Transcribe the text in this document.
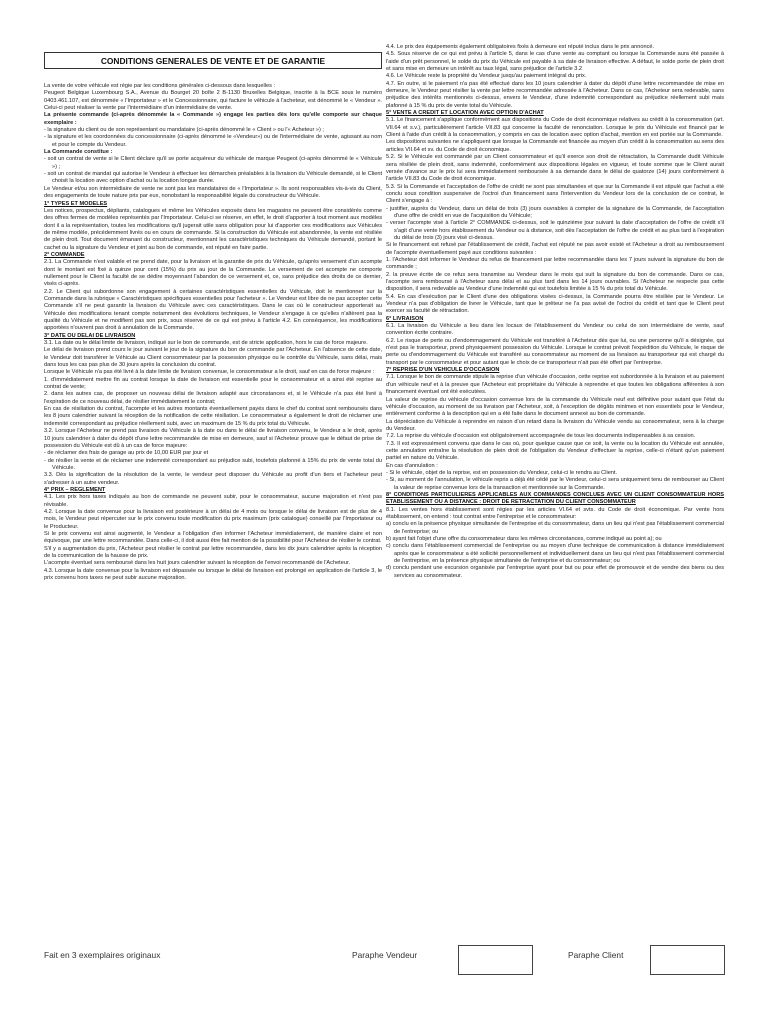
CONDITIONS GENERALES DE VENTE ET DE GARANTIE

La vente de votre véhicule est régie par les conditions générales ci-dessous dans lesquelles :

Peugeot Belgique Luxembourg S.A., Avenue du Bourget 20 boîte 2 B-1130 Bruxelles Belgique, inscrite à la BCE sous le numéro 0403.461.107, est dénommée « l'Importateur » et le Concessionnaire, qui facture le véhicule à l'acheteur, est dénommé le « Vendeur ». Celui-ci peut réaliser la vente par l'intermédiaire d'un intermédiaire de vente.

La présente commande (ci-après dénommée la « Commande ») engage les parties dès lors qu'elle comporte sur chaque exemplaire :

- la signature du client ou de son représentant ou mandataire (ci-après dénommé le « Client » ou l'« Acheteur ») ;

- la signature et les coordonnées du concessionnaire (ci-après dénommé le «Vendeur») ou de l'intermédiaire de vente, agissant au nom et pour le compte du Vendeur.

La Commande constitue :

- soit un contrat de vente si le Client déclare qu'il se porte acquéreur du véhicule de marque Peugeot (ci-après dénommé le « Véhicule ») ;

- soit un contrat de mandat qui autorise le Vendeur à effectuer les démarches préalables à la livraison du Véhicule demandé, si le Client choisit la location avec option d'achat ou la location longue durée.

Le Vendeur et/ou son intermédiaire de vente ne sont pas les mandataires de « l'Importateur ». Ils sont responsables vis-à-vis du Client, des engagements de toute nature pris par eux, nonobstant la responsabilité légale du constructeur du Véhicule.

1° TYPES ET MODELES

Les notices, prospectus, dépliants, catalogues et même les Véhicules exposés dans les magasins ne peuvent être considérés comme des offres fermes de modèles représentés par l'Importateur. Celui-ci se réserve, en effet, le droit d'apporter à tout moment aux modèles dont il a la représentation, toutes les modifications qu'il jugerait utile sans obligation pour lui d'apporter ces modifications aux Véhicules de même modèle, précédemment livrés ou en cours de commande. Si la construction du Véhicule est abandonnée, la vente est résiliée de plein droit. Tout document émanant du constructeur, mentionnant les caractéristiques techniques du Véhicule demandé, portant le cachet ou la signature du Vendeur et joint au bon de commande, est réputé en faire partie.

2° COMMANDE

2.1. La Commande n'est valable et ne prend date, pour la livraison et la garantie de prix du Véhicule, qu'après versement d'un acompte dont le montant est fixé à quinze pour cent (15%) du prix au jour de la Commande. Le versement de cet acompte ne comporte nullement pour le Client la faculté de se dédire moyennant l'abandon de ce versement et, ce, sans préjudice des droits de ce dernier, visés ci-après.

2.2. Le Client qui subordonne son engagement à certaines caractéristiques essentielles du Véhicule, doit le mentionner sur la Commande dans la rubrique « Caractéristiques spécifiques essentielles pour l'acheteur ». Le Vendeur est libre de ne pas accepter cette Commande s'il ne peut garantir la livraison du Véhicule avec ces caractéristiques. Dans le cas où le constructeur apporterait au Véhicule des modifications tenant compte notamment des évolutions techniques, le Vendeur s'engage à ce qu'elles n'altèrent pas la qualité du Véhicule et ne modifient pas son prix, sous réserve de ce qui est prévu à l'article 4.2. En conséquence, les modifications apportées n'ouvrent pas droit à annulation de la Commande.

3° DATE OU DELAI DE LIVRAISON

3.1. La date ou le délai limite de livraison, indiqué sur le bon de commande, est de stricte application, hors le cas de force majeure.

Le délai de livraison prend cours le jour suivant le jour de la signature du bon de commande par l'Acheteur. En l'absence de cette date, le Vendeur doit transférer le Véhicule au Client consommateur par la possession physique ou le contrôle du Véhicule, sans délai, mais dans tous les cas pas plus de 30 jours après la conclusion du contrat.

Lorsque le Véhicule n'a pas été livré à la date limite de livraison convenue, le consommateur a le droit, sauf en cas de force majeure :

1. d'immédiatement mettre fin au contrat lorsque la date de livraison est essentielle pour le consommateur et a ainsi été reprise au contrat de vente;

2. dans les autres cas, de proposer un nouveau délai de livraison adapté aux circonstances et, si le Véhicule n'a pas été livré à l'expiration de ce nouveau délai, de résilier immédiatement le contrat;

En cas de résiliation du contrat, l'acompte et les autres montants éventuellement payés dans le chef du contrat sont remboursés dans les 8 jours calendrier suivant la réception de la notification de cette résiliation. Le consommateur a également le droit de réclamer une indemnité correspondant au préjudice réellement subi, avec un maximum de 15 % du prix total du Véhicule.

3.2. Lorsque l'Acheteur ne prend pas livraison du Véhicule à la date ou dans le délai de livraison convenu, le Vendeur a le droit, après 10 jours calendrier à dater du dépôt d'une lettre recommandée de mise en demeure, sauf si l'Acheteur prouve que le défaut de prise de possession du Véhicule est dû à un cas de force majeure:

- de réclamer des frais de garage au prix de 10,00 EUR par jour et

- de résilier la vente et de réclamer une indemnité correspondant au préjudice subi, toutefois plafonné à 15% du prix de vente total du Véhicule.

3.3. Dès la signification de la résolution de la vente, le vendeur peut disposer du Véhicule au profit d'un tiers et l'acheteur peut s'adresser à un autre vendeur.

4° PRIX – REGLEMENT

4.1. Les prix hors taxes indiqués au bon de commande ne peuvent subir, pour le consommateur, aucune majoration et n'est pas révisable.

4.2. Lorsque la date convenue pour la livraison est postérieure à un délai de 4 mois ou lorsque le délai de livraison est de plus de 4 mois, le Vendeur peut répercuter sur le prix convenu toute modification du prix maximum (prix catalogue) conseillé par l'Importateur ou le Producteur.

Si le prix convenu est ainsi augmenté, le Vendeur a l'obligation d'en informer l'Acheteur immédiatement, de manière claire et non équivoque, par une lettre recommandée. Dans celle-ci, il doit aussi être fait mention de la possibilité pour l'Acheteur de résilier le contrat.

S'il y a augmentation du prix, l'Acheteur peut résilier le contrat par lettre recommandée, dans les dix jours calendrier après la réception de la communication de la hausse de prix.

L'acompte éventuel sera remboursé dans les huit jours calendrier suivant la réception de l'envoi recommandé de l'Acheteur.

4.3. Lorsque la date convenue pour la livraison est dépassée ou lorsque le délai de livraison est prolongé en application de l'article 3, le prix convenu hors taxes ne peut subir aucune majoration.

4.4. Le prix des équipements également obligatoires fixés à demeure est réputé inclus dans le prix annoncé.

4.5. Sous réserve de ce qui est prévu à l'article 5, dans le cas d'une vente au comptant ou lorsque la Commande aura été passée à l'aide d'un prêt personnel, le solde du prix du Véhicule est payable à sa date de livraison effective. A défaut, le solde porte de plein droit et sans mise en demeure un intérêt au taux légal, sans préjudice de l'article 3.2

4.6. Le Véhicule reste la propriété du Vendeur jusqu'au paiement intégral du prix.

4.7. En outre, si le paiement n'a pas été effectué dans les 10 jours calendrier à dater du dépôt d'une lettre recommandée de mise en demeure, le Vendeur peut résilier la vente par lettre recommandée adressée à l'Acheteur. Dans ce cas, l'Acheteur sera redevable, sans préjudice des intérêts mentionnés ci-dessus, envers le Vendeur, d'une indemnité correspondant au préjudice réellement subi mais plafonné à 15 % du prix de vente total du Véhicule.

5° VENTE A CREDIT ET LOCATION AVEC OPTION D'ACHAT

5.1. Le financement s'applique conformément aux dispositions du Code de droit économique relatives au crédit à la consommation (art. VII.64 et s.v.), particulièrement l'article VII.83 qui concerne la faculté de renonciation. Lorsque le prix du Véhicule est financé par le Client à l'aide d'un crédit à la consommation, y compris en cas de location avec option d'achat, mention en est portée sur la Commande.

Les dispositions suivantes ne s'appliquent que lorsque la Commande est financée au moyen d'un crédit à la consommation au sens des articles VII.64 et sv. du Code de droit économique.

5.2. Si le Véhicule est commandé par un Client consommateur et qu'il exerce son droit de rétractation, la Commande dudit Véhicule sera résiliée de plein droit, sans indemnité, conformément aux dispositions légales en vigueur, et toute somme que le Client aurait versée d'avance sur le prix lui sera immédiatement remboursée à sa demande dans le délai de quatorze (14) jours conformément à l'article VII.83 du Code de droit économique.

5.3. Si la Commande et l'acceptation de l'offre de crédit ne sont pas simultanées et que sur la Commande il est stipulé que l'achat a été conclu sous condition suspensive de l'octroi d'un financement sans l'intervention du Vendeur lors de la conclusion de ce contrat, le Client s'engage à :

- justifier, auprès du Vendeur, dans un délai de trois (3) jours ouvrables à compter de la signature de la Commande, de l'acceptation d'une offre de crédit en vue de l'acquisition du Véhicule;

- verser l'acompte visé à l'article 2° COMMANDE ci-dessus, soit le quinzième jour suivant la date d'acceptation de l'offre de crédit s'il s'agit d'une vente hors établissement du Vendeur ou à distance, soit dès l'acceptation de l'offre de crédit et au plus tard à l'expiration du délai de trois (3) jours visé ci-dessus.

Si le financement est refusé par l'établissement de crédit, l'achat est réputé ne pas avoir existé et l'Acheteur a droit au remboursement de l'acompte éventuellement payé aux conditions suivantes :

1. l'Acheteur doit informer le Vendeur du refus de financement par lettre recommandée dans les 7 jours suivant la signature du bon de commande ;

2. la preuve écrite de ce refus sera transmise au Vendeur dans le mois qui suit la signature du bon de commande. Dans ce cas, l'acompte sera remboursé à l'Acheteur sans délai et au plus tard dans les 14 jours ouvrables. Si l'Acheteur ne respecte pas cette disposition, il sera redevable au Vendeur d'une indemnité qui est toutefois limitée à 15 % du prix total du Véhicule.

5.4. En cas d'exécution par le Client d'une des obligations visées ci-dessus, la Commande pourra être résiliée par le Vendeur. Le Vendeur n'a pas d'obligation de livrer le Véhicule, tant que le prêteur ne l'a pas avisé de l'octroi du crédit et tant que le Client peut exercer sa faculté de rétractation.

6° LIVRAISON

6.1. La livraison du Véhicule a lieu dans les locaux de l'établissement du Vendeur ou celui de son intermédiaire de vente, sauf convention écrite contraire.

6.2. Le risque de perte ou d'endommagement du Véhicule est transféré à l'Acheteur dès que lui, ou une personne qu'il a désignée, qui n'est pas le transporteur, prend physiquement possession du Véhicule. Lorsque le contrat prévoit l'expédition du Véhicule, le risque de perte ou d'endommagement du Véhicule est transféré au consommateur au moment de sa livraison au transporteur qui est chargé du transport par le consommateur et pour autant que le choix de ce transporteur n'ait pas été offert par l'entreprise.

7° REPRISE D'UN VEHICULE D'OCCASION

7.1. Lorsque le bon de commande stipule la reprise d'un véhicule d'occasion, cette reprise est subordonnée à la livraison et au paiement d'un véhicule neuf et à la preuve que l'Acheteur est propriétaire du Véhicule à reprendre et que toutes les obligations afférentes à son financement éventuel ont été exécutées.

La valeur de reprise du véhicule d'occasion convenue lors de la commande du Véhicule neuf est définitive pour autant que l'état du véhicule d'occasion, au moment de sa livraison par l'Acheteur, soit, à l'exception de dégâts minimes et non essentiels pour le Vendeur, entièrement conforme à la description qui en a été faite dans le document annexé au bon de commande.

La dépréciation du Véhicule à reprendre en raison d'un retard dans la livraison du Véhicule vendu au consommateur, sera à la charge du Vendeur.

7.2. La reprise du véhicule d'occasion est obligatoirement accompagnée de tous les documents indispensables à sa cession.

7.3. Il est expressément convenu que dans le cas où, pour quelque cause que ce soit, la vente ou la location du Véhicule est annulée, cette annulation entraîne la résolution de plein droit de l'obligation du Vendeur d'effectuer la reprise, celle-ci n'étant qu'un paiement partiel en nature du Véhicule.

En cas d'annulation :

- Si le véhicule, objet de la reprise, est en possession du Vendeur, celui-ci le rendra au Client.

- Si, au moment de l'annulation, le véhicule repris a déjà été cédé par le Vendeur, celui-ci sera uniquement tenu de rembourser au Client la valeur de reprise convenue lors de la transaction et mentionnée sur la Commande.

8° CONDITIONS PARTICULIERES APPLICABLES AUX COMMANDES CONCLUES AVEC UN CLIENT CONSOMMATEUR HORS ETABLISSEMENT OU A DISTANCE : DROIT DE RETRACTATION DU CLIENT CONSOMMATEUR

8.1. Les ventes hors établissement sont régies par les articles VI.64 et svts. du Code de droit économique. Par vente hors établissement, on entend : tout contrat entre l'entreprise et le consommateur:

a) conclu en la présence physique simultanée de l'entreprise et du consommateur, dans un lieu qui n'est pas l'établissement commercial de l'entreprise; ou

b) ayant fait l'objet d'une offre du consommateur dans les mêmes circonstances, comme indiqué au point a); ou

c) conclu dans l'établissement commercial de l'entreprise ou au moyen d'une technique de communication à distance immédiatement après que le consommateur a été sollicité personnellement et individuellement dans un lieu qui n'est pas l'établissement commercial de l'entreprise, en la présence physique simultanée de l'entreprise et du consommateur; ou

d) conclu pendant une excursion organisée par l'entreprise ayant pour but ou pour effet de promouvoir et de vendre des biens ou des services au consommateur.

Fait en 3 exemplaires originaux	Paraphe Vendeur	Paraphe Client
